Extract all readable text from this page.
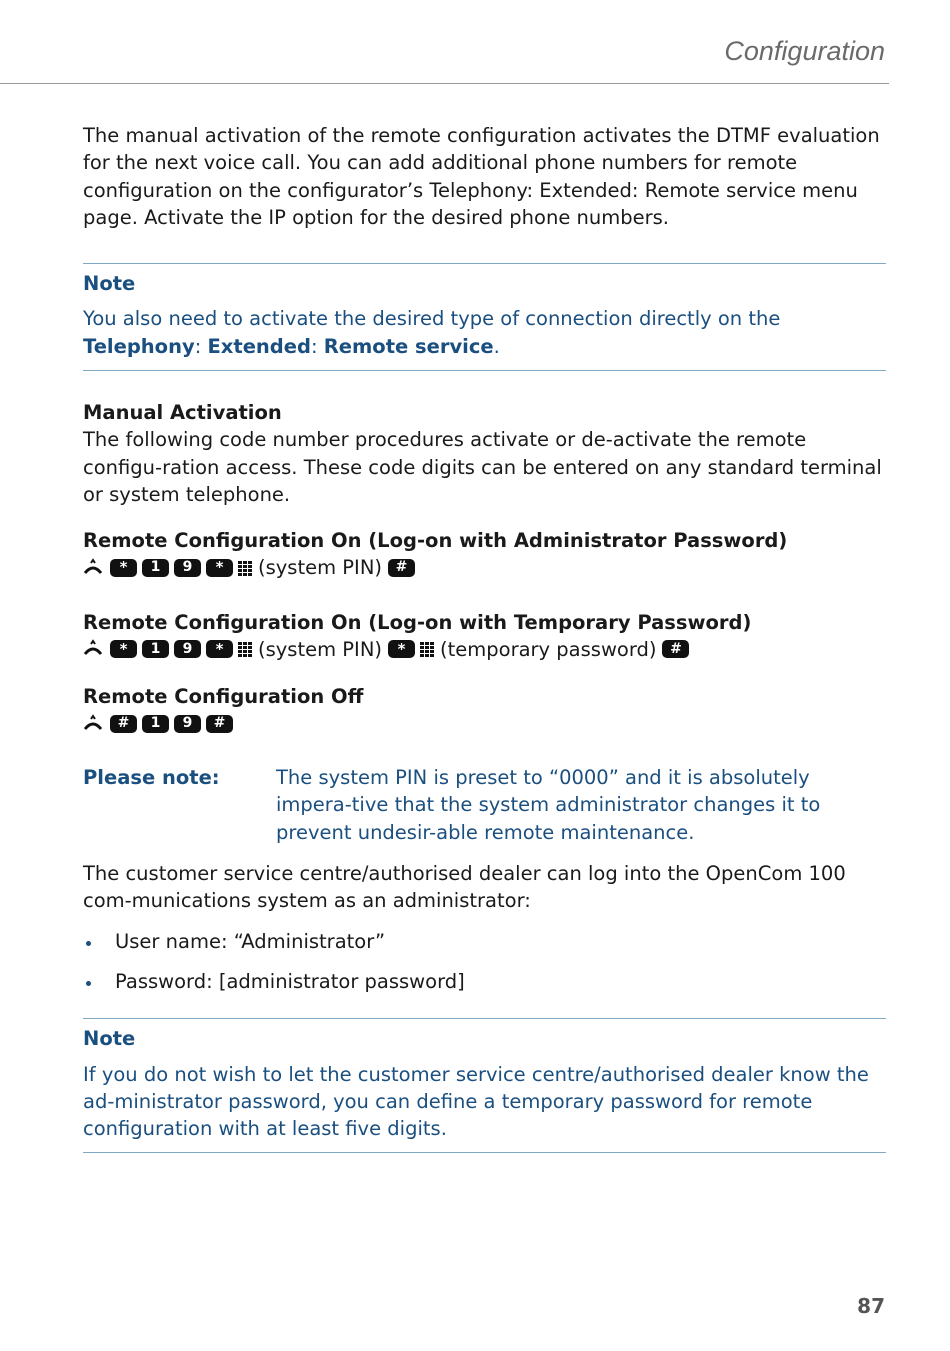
Configuration

The manual activation of the remote configuration activates the DTMF evaluation for the next voice call. You can add additional phone numbers for remote configuration on the configurator’s Telephony: Extended: Remote service menu page. Activate the IP option for the desired phone numbers.

Note
You also need to activate the desired type of connection directly on the Telephony: Extended: Remote service.
Manual Activation

The following code number procedures activate or de-activate the remote configu-ration access. These code digits can be entered on any standard terminal or system telephone.

Remote Configuration On (Log-on with Administrator Password)
*	1	9	*	(system PIN) #
Remote Configuration On (Log-on with Temporary Password)
*	1	9	*	(system PIN)	*	(temporary password) #
Remote Configuration Off
#	1	9	#
Please note:	The system PIN is preset to “0000” and it is absolutely impera-tive that the system administrator changes it to prevent undesir-able remote maintenance.

The customer service centre/authorised dealer can log into the OpenCom 100 com-munications system as an administrator:

User name: “Administrator”
Password: [administrator password]
Note
If you do not wish to let the customer service centre/authorised dealer know the ad-ministrator password, you can define a temporary password for remote configuration with at least five digits.
87
